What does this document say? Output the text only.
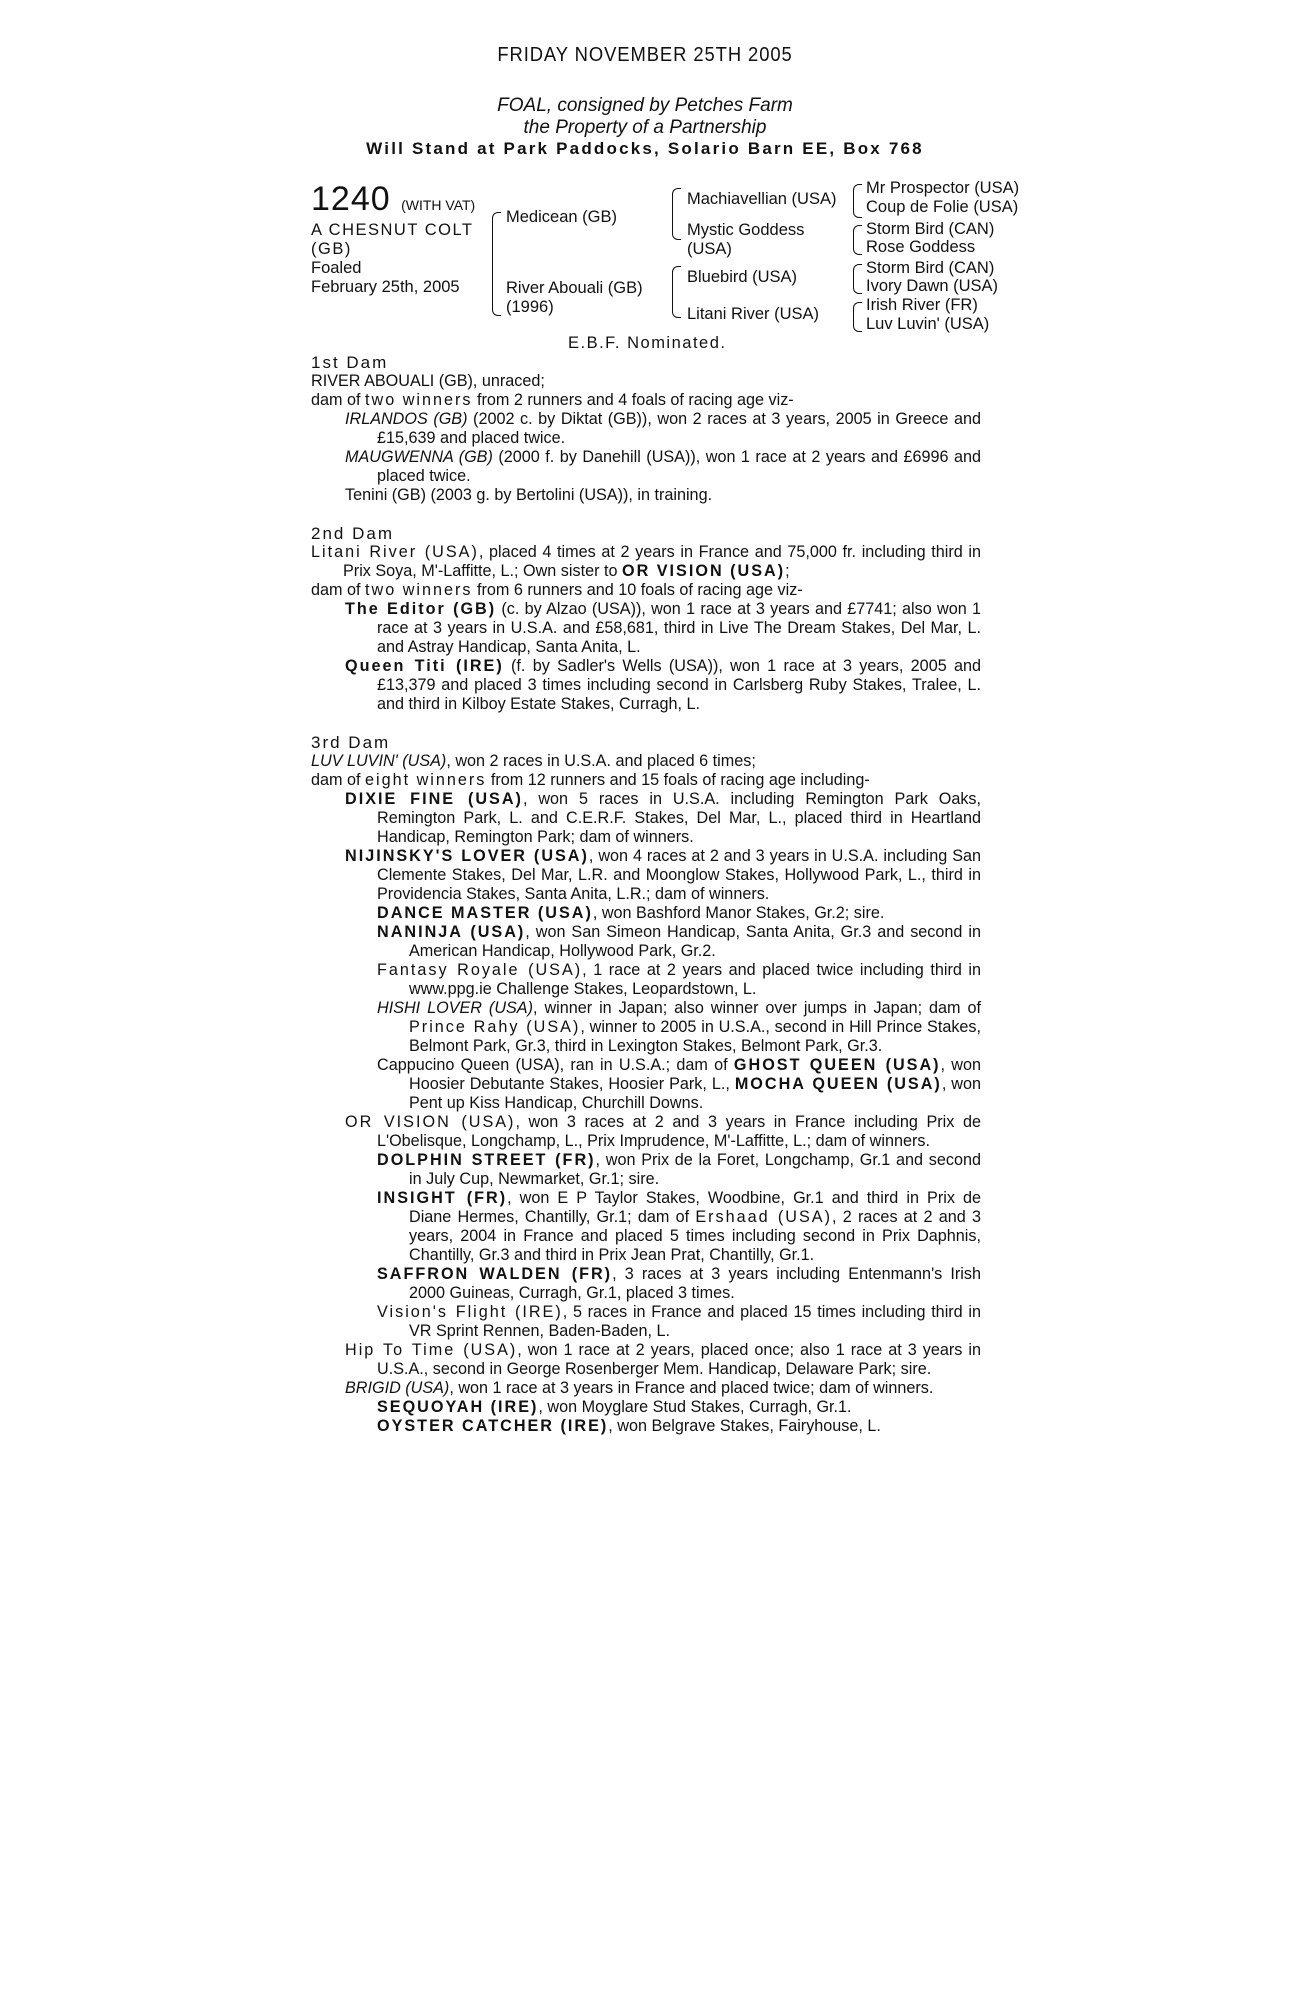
FRIDAY NOVEMBER 25TH 2005
FOAL, consigned by Petches Farm
the Property of a Partnership
Will Stand at Park Paddocks, Solario Barn EE, Box 768
1240 (WITH VAT)
A CHESNUT COLT
(GB)
Foaled
February 25th, 2005
Medicean (GB)
River Abouali (GB)
(1996)
Machiavellian (USA)
Mystic Goddess
(USA)
Bluebird (USA)
Litani River (USA)
Mr Prospector (USA)
Coup de Folie (USA)
Storm Bird (CAN)
Rose Goddess
Storm Bird (CAN)
Ivory Dawn (USA)
Irish River (FR)
Luv Luvin' (USA)
E.B.F. Nominated.

1st Dam

RIVER ABOUALI (GB), unraced;

dam of two winners from 2 runners and 4 foals of racing age viz-

IRLANDOS (GB) (2002 c. by Diktat (GB)), won 2 races at 3 years, 2005 in Greece and £15,639 and placed twice.

MAUGWENNA (GB) (2000 f. by Danehill (USA)), won 1 race at 2 years and £6996 and placed twice.

Tenini (GB) (2003 g. by Bertolini (USA)), in training.

2nd Dam

Litani River (USA), placed 4 times at 2 years in France and 75,000 fr. including third in Prix Soya, M'-Laffitte, L.; Own sister to OR VISION (USA);

dam of two winners from 6 runners and 10 foals of racing age viz-

The Editor (GB) (c. by Alzao (USA)), won 1 race at 3 years and £7741; also won 1 race at 3 years in U.S.A. and £58,681, third in Live The Dream Stakes, Del Mar, L. and Astray Handicap, Santa Anita, L.

Queen Titi (IRE) (f. by Sadler's Wells (USA)), won 1 race at 3 years, 2005 and £13,379 and placed 3 times including second in Carlsberg Ruby Stakes, Tralee, L. and third in Kilboy Estate Stakes, Curragh, L.

3rd Dam

LUV LUVIN' (USA), won 2 races in U.S.A. and placed 6 times;

dam of eight winners from 12 runners and 15 foals of racing age including-

DIXIE FINE (USA), won 5 races in U.S.A. including Remington Park Oaks, Remington Park, L. and C.E.R.F. Stakes, Del Mar, L., placed third in Heartland Handicap, Remington Park; dam of winners.

NIJINSKY'S LOVER (USA), won 4 races at 2 and 3 years in U.S.A. including San Clemente Stakes, Del Mar, L.R. and Moonglow Stakes, Hollywood Park, L., third in Providencia Stakes, Santa Anita, L.R.; dam of winners.

DANCE MASTER (USA), won Bashford Manor Stakes, Gr.2; sire.

NANINJA (USA), won San Simeon Handicap, Santa Anita, Gr.3 and second in American Handicap, Hollywood Park, Gr.2.

Fantasy Royale (USA), 1 race at 2 years and placed twice including third in www.ppg.ie Challenge Stakes, Leopardstown, L.

HISHI LOVER (USA), winner in Japan; also winner over jumps in Japan; dam of Prince Rahy (USA), winner to 2005 in U.S.A., second in Hill Prince Stakes, Belmont Park, Gr.3, third in Lexington Stakes, Belmont Park, Gr.3.

Cappucino Queen (USA), ran in U.S.A.; dam of GHOST QUEEN (USA), won Hoosier Debutante Stakes, Hoosier Park, L., MOCHA QUEEN (USA), won Pent up Kiss Handicap, Churchill Downs.

OR VISION (USA), won 3 races at 2 and 3 years in France including Prix de L'Obelisque, Longchamp, L., Prix Imprudence, M'-Laffitte, L.; dam of winners.

DOLPHIN STREET (FR), won Prix de la Foret, Longchamp, Gr.1 and second in July Cup, Newmarket, Gr.1; sire.

INSIGHT (FR), won E P Taylor Stakes, Woodbine, Gr.1 and third in Prix de Diane Hermes, Chantilly, Gr.1; dam of Ershaad (USA), 2 races at 2 and 3 years, 2004 in France and placed 5 times including second in Prix Daphnis, Chantilly, Gr.3 and third in Prix Jean Prat, Chantilly, Gr.1.

SAFFRON WALDEN (FR), 3 races at 3 years including Entenmann's Irish 2000 Guineas, Curragh, Gr.1, placed 3 times.

Vision's Flight (IRE), 5 races in France and placed 15 times including third in VR Sprint Rennen, Baden-Baden, L.

Hip To Time (USA), won 1 race at 2 years, placed once; also 1 race at 3 years in U.S.A., second in George Rosenberger Mem. Handicap, Delaware Park; sire.

BRIGID (USA), won 1 race at 3 years in France and placed twice; dam of winners.

SEQUOYAH (IRE), won Moyglare Stud Stakes, Curragh, Gr.1.

OYSTER CATCHER (IRE), won Belgrave Stakes, Fairyhouse, L.
